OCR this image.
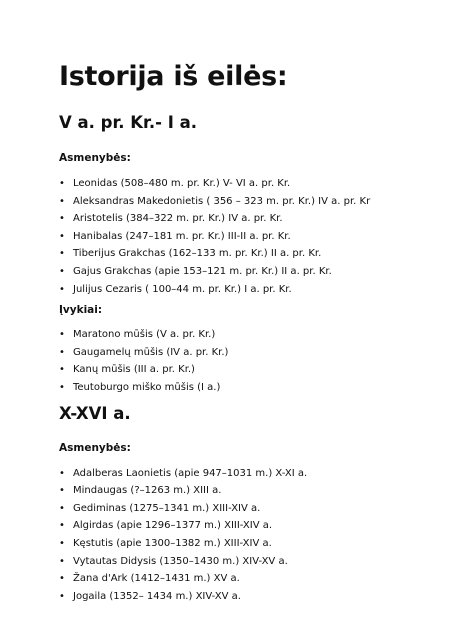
Istorija iš eilės:
V a. pr. Kr.- I a.

Asmenybės:

• Leonidas (508–480 m. pr. Kr.) V- VI a. pr. Kr.
• Aleksandras Makedonietis ( 356 – 323 m. pr. Kr.) IV a. pr. Kr
• Aristotelis (384–322 m. pr. Kr.) IV a. pr. Kr.
• Hanibalas (247–181 m. pr. Kr.) III-II a. pr. Kr.
• Tiberijus Grakchas (162–133 m. pr. Kr.) II a. pr. Kr.
• Gajus Grakchas (apie 153–121 m. pr. Kr.) II a. pr. Kr.
• Julijus Cezaris ( 100–44 m. pr. Kr.) I a. pr. Kr.

Įvykiai:

• Maratono mūšis (V a. pr. Kr.)
• Gaugamelų mūšis (IV a. pr. Kr.)
• Kanų mūšis (III a. pr. Kr.)
• Teutoburgo miško mūšis (I a.)
X-XVI a.

Asmenybės:

• Adalberas Laonietis (apie 947–1031 m.) X-XI a.
• Mindaugas (?–1263 m.) XIII a.
• Gediminas (1275–1341 m.) XIII-XIV a.
• Algirdas (apie 1296–1377 m.) XIII-XIV a.
• Kęstutis (apie 1300–1382 m.) XIII-XIV a.
• Vytautas Didysis (1350–1430 m.) XIV-XV a.
• Žana d'Ark (1412–1431 m.) XV a.
• Jogaila (1352– 1434 m.) XIV-XV a.
